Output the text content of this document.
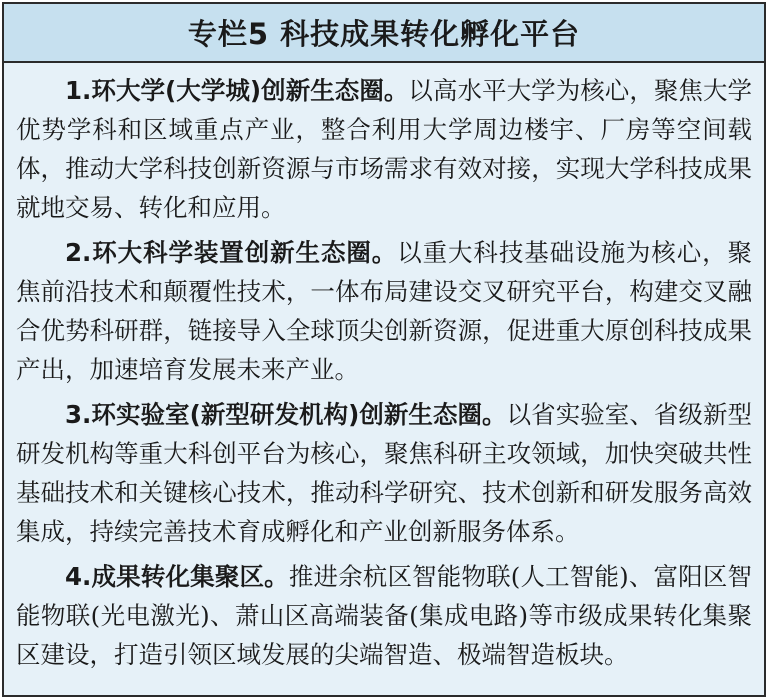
专栏5 科技成果转化孵化平台

1.环大学(大学城)创新生态圈。以高水平大学为核心，聚焦大学优势学科和区域重点产业，整合利用大学周边楼宇、厂房等空间载体，推动大学科技创新资源与市场需求有效对接，实现大学科技成果就地交易、转化和应用。

2.环大科学装置创新生态圈。以重大科技基础设施为核心，聚焦前沿技术和颠覆性技术，一体布局建设交叉研究平台，构建交叉融合优势科研群，链接导入全球顶尖创新资源，促进重大原创科技成果产出，加速培育发展未来产业。

3.环实验室(新型研发机构)创新生态圈。以省实验室、省级新型研发机构等重大科创平台为核心，聚焦科研主攻领域，加快突破共性基础技术和关键核心技术，推动科学研究、技术创新和研发服务高效集成，持续完善技术育成孵化和产业创新服务体系。

4.成果转化集聚区。推进余杭区智能物联(人工智能)、富阳区智能物联(光电激光)、萧山区高端装备(集成电路)等市级成果转化集聚区建设，打造引领区域发展的尖端智造、极端智造板块。
